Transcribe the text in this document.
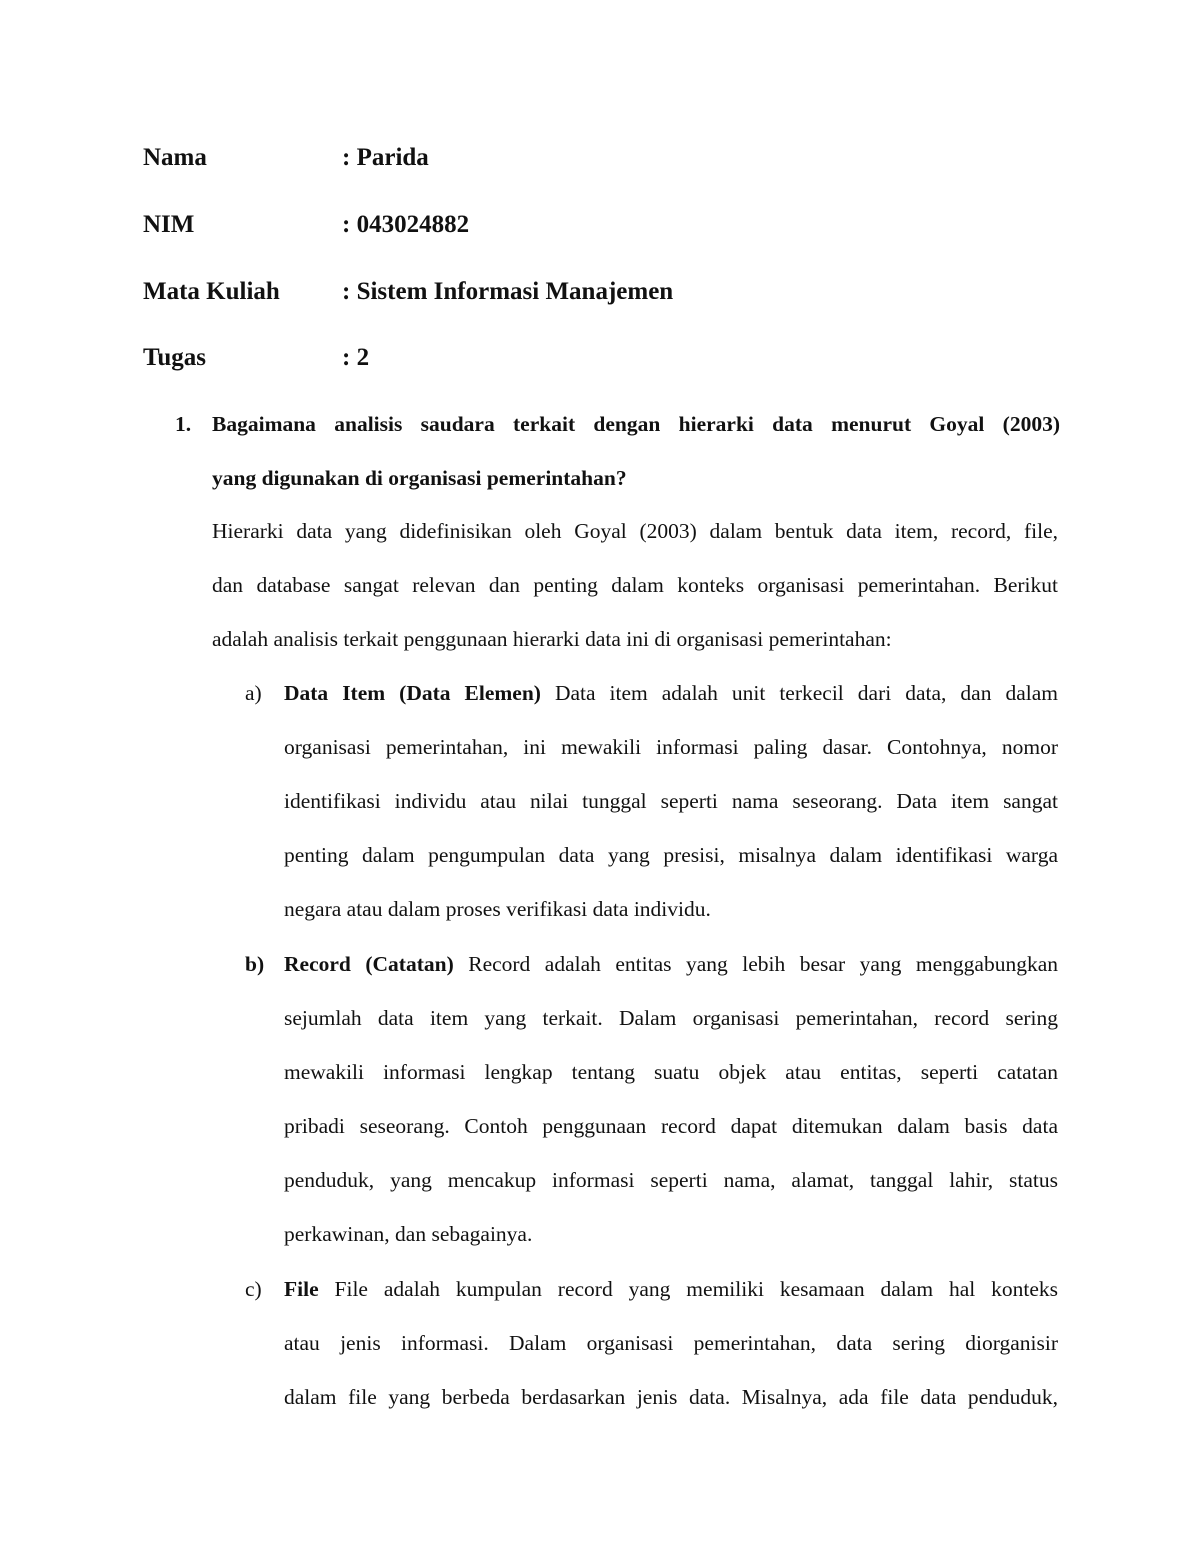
Nama	: Parida
NIM	: 043024882
Mata Kuliah : Sistem Informasi Manajemen
Tugas	: 2
1. Bagaimana analisis saudara terkait dengan hierarki data menurut Goyal (2003)
yang digunakan di organisasi pemerintahan?
Hierarki data yang didefinisikan oleh Goyal (2003) dalam bentuk data item, record, file,
dan database sangat relevan dan penting dalam konteks organisasi pemerintahan. Berikut
adalah analisis terkait penggunaan hierarki data ini di organisasi pemerintahan:
a) Data Item (Data Elemen) Data item adalah unit terkecil dari data, dan dalam
organisasi pemerintahan, ini mewakili informasi paling dasar. Contohnya, nomor
identifikasi individu atau nilai tunggal seperti nama seseorang. Data item sangat
penting dalam pengumpulan data yang presisi, misalnya dalam identifikasi warga
negara atau dalam proses verifikasi data individu.
b) Record (Catatan) Record adalah entitas yang lebih besar yang menggabungkan
sejumlah data item yang terkait. Dalam organisasi pemerintahan, record sering
mewakili informasi lengkap tentang suatu objek atau entitas, seperti catatan
pribadi seseorang. Contoh penggunaan record dapat ditemukan dalam basis data
penduduk, yang mencakup informasi seperti nama, alamat, tanggal lahir, status
perkawinan, dan sebagainya.
c) File File adalah kumpulan record yang memiliki kesamaan dalam hal konteks
atau jenis informasi. Dalam organisasi pemerintahan, data sering diorganisir
dalam file yang berbeda berdasarkan jenis data. Misalnya, ada file data penduduk,
